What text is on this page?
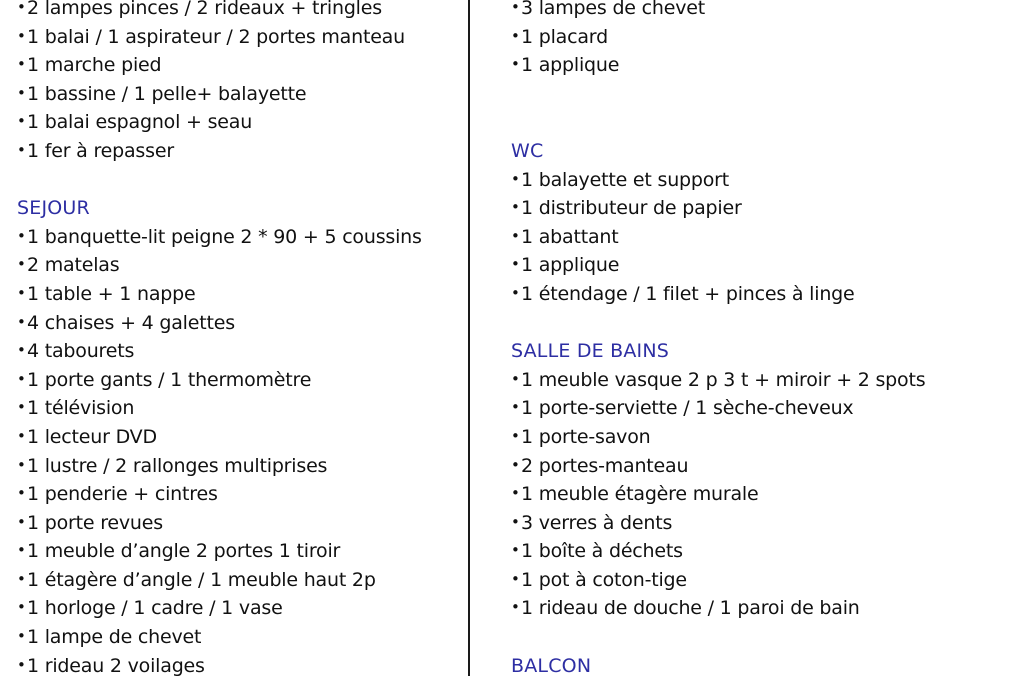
• 2 lampes pinces / 2 rideaux + tringles
• 1 balai / 1 aspirateur / 2 portes manteau
• 1 marche pied
• 1 bassine / 1 pelle+ balayette
• 1 balai espagnol + seau
• 1 fer à repasser
SEJOUR
• 1 banquette-lit peigne 2 * 90 + 5 coussins
• 2 matelas
• 1 table + 1 nappe
• 4 chaises + 4 galettes
• 4 tabourets
• 1 porte gants / 1 thermomètre
• 1 télévision
• 1 lecteur DVD
• 1 lustre / 2 rallonges multiprises
• 1 penderie + cintres
• 1 porte revues
• 1 meuble d’angle 2 portes 1 tiroir
• 1 étagère d’angle / 1 meuble haut 2p
• 1 horloge / 1 cadre / 1 vase
• 1 lampe de chevet
• 1 rideau 2 voilages
• 3 lampes de chevet
• 1 placard
• 1 applique
WC
• 1 balayette et support
• 1 distributeur de papier
• 1 abattant
• 1 applique
• 1 étendage / 1 filet + pinces à linge
SALLE DE BAINS
• 1 meuble vasque 2 p 3 t + miroir + 2 spots
• 1 porte-serviette / 1 sèche-cheveux
• 1 porte-savon
• 2 portes-manteau
• 1 meuble étagère murale
• 3 verres à dents
• 1 boîte à déchets
• 1 pot à coton-tige
• 1 rideau de douche / 1 paroi de bain
BALCON
